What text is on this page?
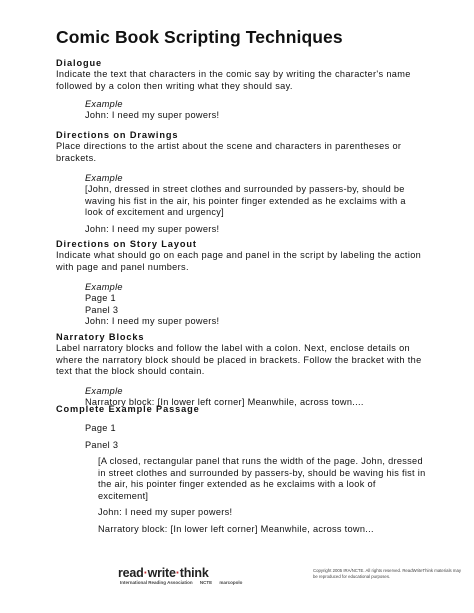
Comic Book Scripting Techniques
Dialogue
Indicate the text that characters in the comic say by writing the character's name followed by a colon then writing what they should say.
Example
John: I need my super powers!
Directions on Drawings
Place directions to the artist about the scene and characters in parentheses or brackets.
Example
[John, dressed in street clothes and surrounded by passers-by, should be waving his fist in the air, his pointer finger extended as he exclaims with a look of excitement and urgency]
John: I need my super powers!
Directions on Story Layout
Indicate what should go on each page and panel in the script by labeling the action with page and panel numbers.
Example
Page 1
Panel 3
John: I need my super powers!
Narratory Blocks
Label narratory blocks and follow the label with a colon. Next, enclose details on where the narratory block should be placed in brackets. Follow the bracket with the text that the block should contain.
Example
Narratory block: [In lower left corner] Meanwhile, across town....
Complete Example Passage
Page 1
Panel 3
[A closed, rectangular panel that runs the width of the page. John, dressed in street clothes and surrounded by passers-by, should be waving his fist in the air, his pointer finger extended as he exclaims with a look of excitement]
John: I need my super powers!
Narratory block: [In lower left corner] Meanwhile, across town...
read·write·think
International Reading Association NCTE marcopolo
Copyright 2005 IRA/NCTE. All rights reserved. ReadWriteThink materials may be reproduced for educational purposes.
